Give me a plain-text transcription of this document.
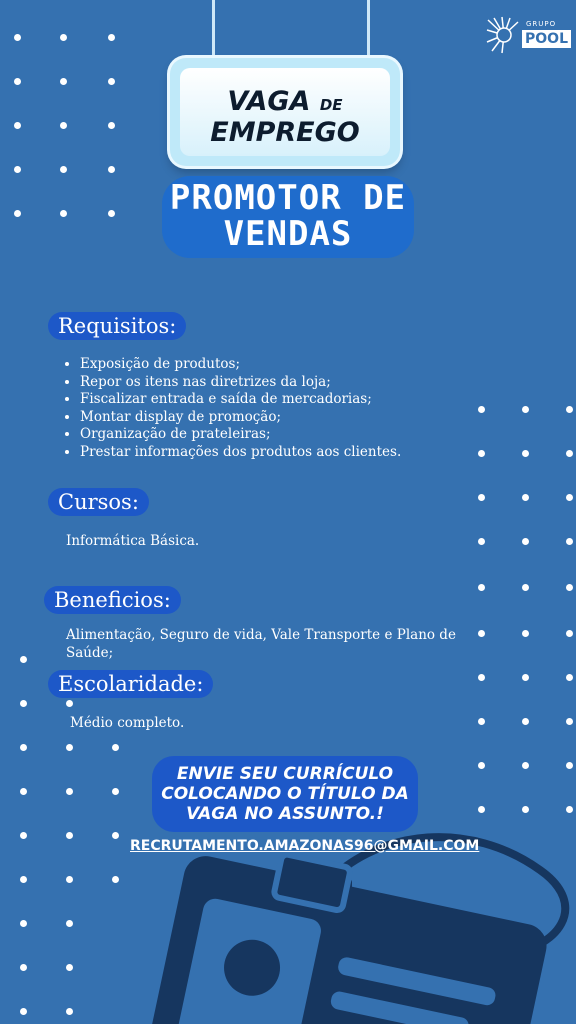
GRUPO
POOL
VAGA DE
EMPREGO
PROMOTOR DE
VENDAS
Requisitos:
• Exposição de produtos;
• Repor os itens nas diretrizes da loja;
• Fiscalizar entrada e saída de mercadorias;
• Montar display de promoção;
• Organização de prateleiras;
• Prestar informações dos produtos aos clientes.
Cursos:
Informática Básica.
Beneficios:
Alimentação, Seguro de vida, Vale Transporte e Plano de
Saúde;
Escolaridade:
Médio completo.
ENVIE SEU CURRÍCULO
COLOCANDO O TÍTULO DA
VAGA NO ASSUNTO.!
RECRUTAMENTO.AMAZONAS96@GMAIL.COM
